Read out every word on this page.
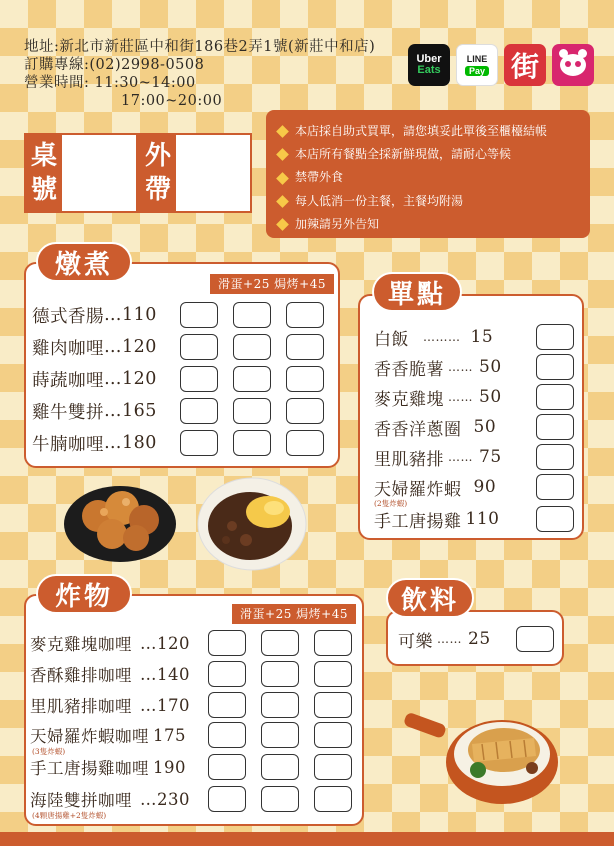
地址:新北市新莊區中和街186巷2弄1號(新莊中和店)
訂購專線:(02)2998-0508
營業時間: 11:30~14:00
17:00~20:00
Uber
Eats
LINE
Pay 街
桌
號
外
帶
本店採自助式買單，請您填妥此單後至櫃檯結帳
本店所有餐點全採新鮮現做，請耐心等候
禁帶外食
每人低消一份主餐，主餐均附湯
加辣請另外告知
滑蛋+25 焗烤+45
德式香腸 …110
雞肉咖哩 …120
蒔蔬咖哩 …120
雞牛雙拼 …165
牛腩咖哩 …180
燉煮
白飯 ……… 15
香香脆薯 …… 50
麥克雞塊 …… 50
香香洋蔥圈 50
里肌豬排 …… 75
天婦羅炸蝦 90
(2隻炸蝦)
手工唐揚雞 110
單點
滑蛋+25 焗烤+45
麥克雞塊咖哩 …120
香酥雞排咖哩 …140
里肌豬排咖哩 …170
天婦羅炸蝦咖哩 175
(3隻炸蝦)
手工唐揚雞咖哩 190
海陸雙拼咖哩 …230
(4顆唐揚雞+2隻炸蝦)
炸物
可樂 …… 25
飲料
